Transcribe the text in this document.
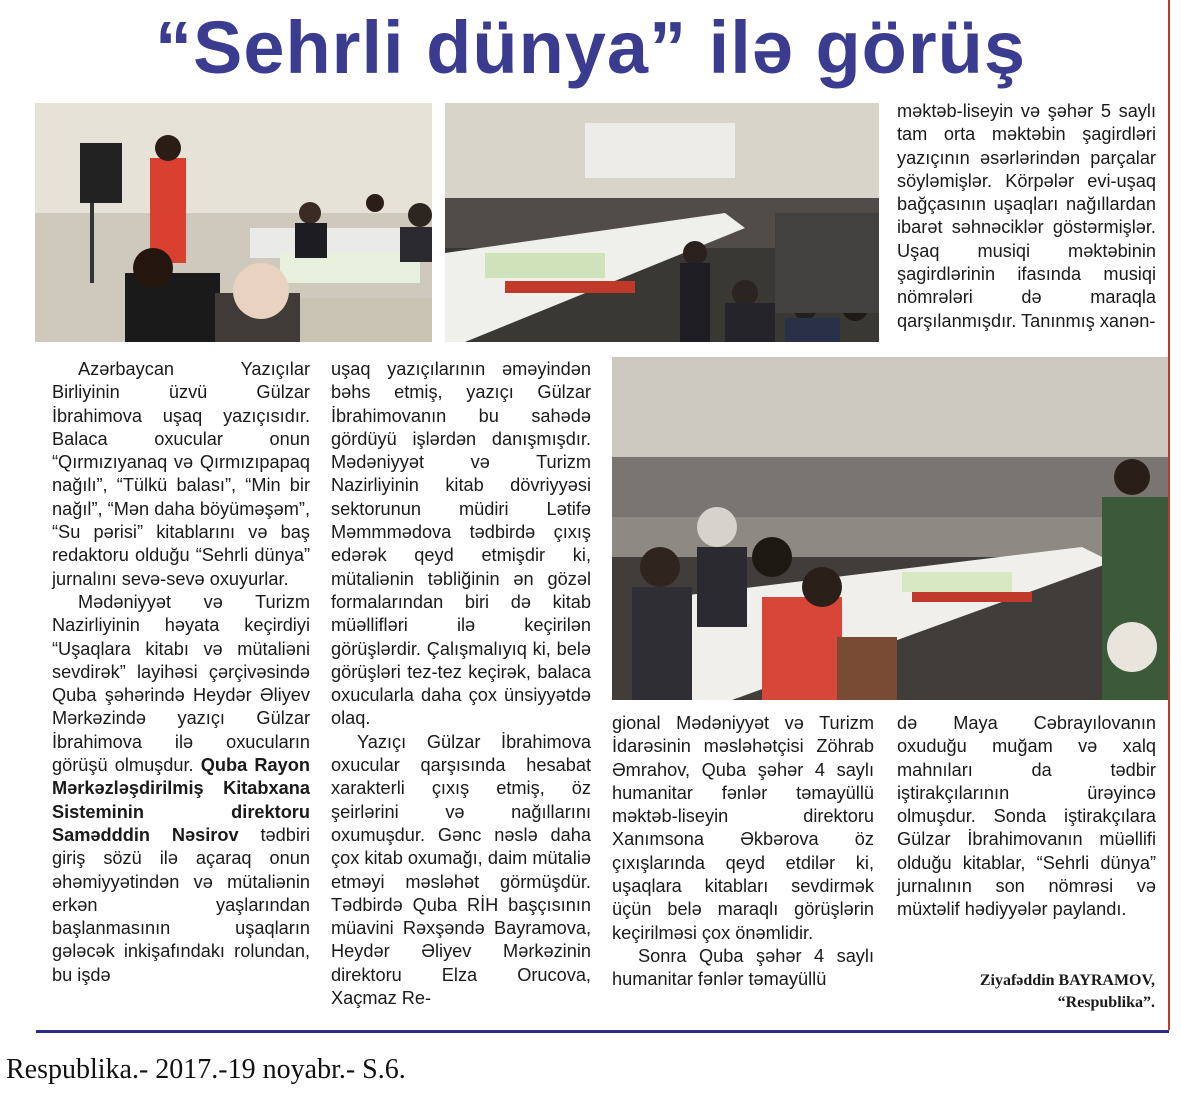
“Sehrli dünya” ilə görüş

məktəb-liseyin və şəhər 5 saylı tam orta məktəbin şagirdləri yazıçının əsərlərindən parçalar söyləmişlər. Körpələr evi-uşaq bağçasının uşaqları nağıllardan ibarət səhnəciklər göstərmişlər. Uşaq musiqi məktəbinin şagirdlərinin ifasında musiqi nömrələri də maraqla qarşılanmışdır. Tanınmış xanən-

Azərbaycan Yazıçılar Birliyinin üzvü Gülzar İbrahimova uşaq yazıçısıdır. Balaca oxucular onun “Qırmızıyanaq və Qırmızıpapaq nağılı”, “Tülkü balası”, “Min bir nağıl”, “Mən daha böyüməşəm”, “Su pərisi” kitablarını və baş redaktoru olduğu “Sehrli dünya” jurnalını sevə-sevə oxuyurlar.

Mədəniyyət və Turizm Nazirliyinin həyata keçirdiyi “Uşaqlara kitabı və mütaliəni sevdirək” layihəsi çərçivəsində Quba şəhərində Heydər Əliyev Mərkəzində yazıçı Gülzar İbrahimova ilə oxucuların görüşü olmuşdur. Quba Rayon Mərkəzləşdirilmiş Kitabxana Sisteminin direktoru Samədddin Nəsirov tədbiri giriş sözü ilə açaraq onun əhəmiyyətindən və mütaliənin erkən yaşlarından başlanmasının uşaqların gələcək inkişafındakı rolundan, bu işdə

uşaq yazıçılarının əməyindən bəhs etmiş, yazıçı Gülzar İbrahimovanın bu sahədə gördüyü işlərdən danışmışdır. Mədəniyyət və Turizm Nazirliyinin kitab dövriyyəsi sektorunun müdiri Lətifə Məmmmədova tədbirdə çıxış edərək qeyd etmişdir ki, mütaliənin təbliğinin ən gözəl formalarından biri də kitab müəllifləri ilə keçirilən görüşlərdir. Çalışmalıyıq ki, belə görüşləri tez-tez keçirək, balaca oxucularla daha çox ünsiyyətdə olaq.

Yazıçı Gülzar İbrahimova oxucular qarşısında hesabat xarakterli çıxış etmiş, öz şeirlərini və nağıllarını oxumuşdur. Gənc nəslə daha çox kitab oxumağı, daim mütaliə etməyi məsləhət görmüşdür. Tədbirdə Quba RİH başçısının müavini Rəxşəndə Bayramova, Heydər Əliyev Mərkəzinin direktoru Elza Orucova, Xaçmaz Re-

gional Mədəniyyət və Turizm İdarəsinin məsləhətçisi Zöhrab Əmrahov, Quba şəhər 4 saylı humanitar fənlər təmayüllü məktəb-liseyin direktoru Xanımsona Əkbərova öz çıxışlarında qeyd etdilər ki, uşaqlara kitabları sevdirmək üçün belə maraqlı görüşlərin keçirilməsi çox önəmlidir.

Sonra Quba şəhər 4 saylı humanitar fənlər təmayüllü

də Maya Cəbrayılovanın oxuduğu muğam və xalq mahnıları da tədbir iştirakçılarının ürəyincə olmuşdur. Sonda iştirakçılara Gülzar İbrahimovanın müəllifi olduğu kitablar, “Sehrli dünya” jurnalının son nömrəsi və müxtəlif hədiyyələr paylandı.

Ziyafəddin BAYRAMOV,
“Respublika”.
Respublika.- 2017.-19 noyabr.- S.6.
